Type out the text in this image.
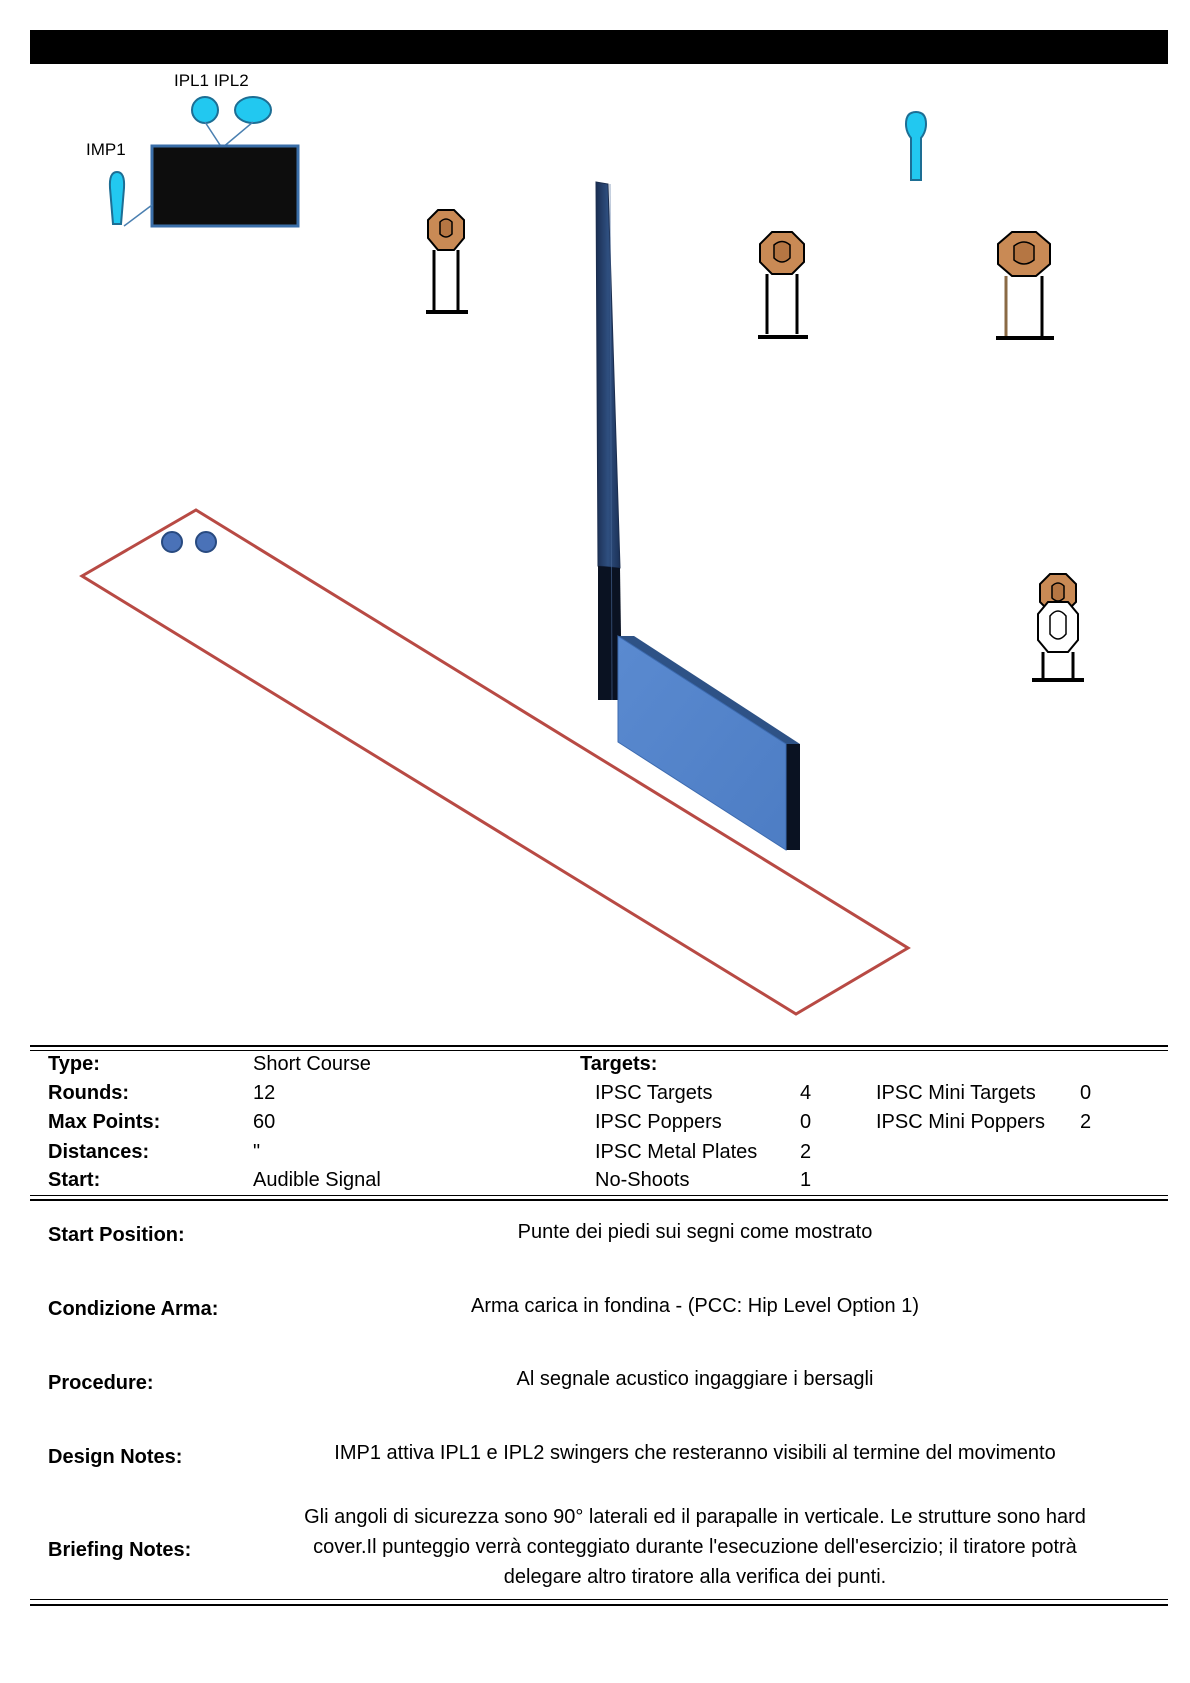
IMP1
IPL1 IPL2
Type:	Short Course	Targets:
Rounds:	12	IPSC Targets	4	IPSC Mini Targets 0
Max Points:	60	IPSC Poppers	0	IPSC Mini Poppers 2
Distances:	"	IPSC Metal Plates 2
Start:	Audible Signal	No-Shoots	1
Start Position:	Punte dei piedi sui segni come mostrato
Condizione Arma:	Arma carica in fondina - (PCC: Hip Level Option 1)
Procedure:	Al segnale acustico ingaggiare i bersagli
Design Notes:	IMP1 attiva IPL1 e IPL2 swingers che resteranno visibili al termine del movimento
Briefing Notes:
Gli angoli di sicurezza sono 90° laterali ed il parapalle in verticale. Le strutture sono hard cover.Il punteggio verrà conteggiato durante l'esecuzione dell'esercizio; il tiratore potrà delegare altro tiratore alla verifica dei punti.
